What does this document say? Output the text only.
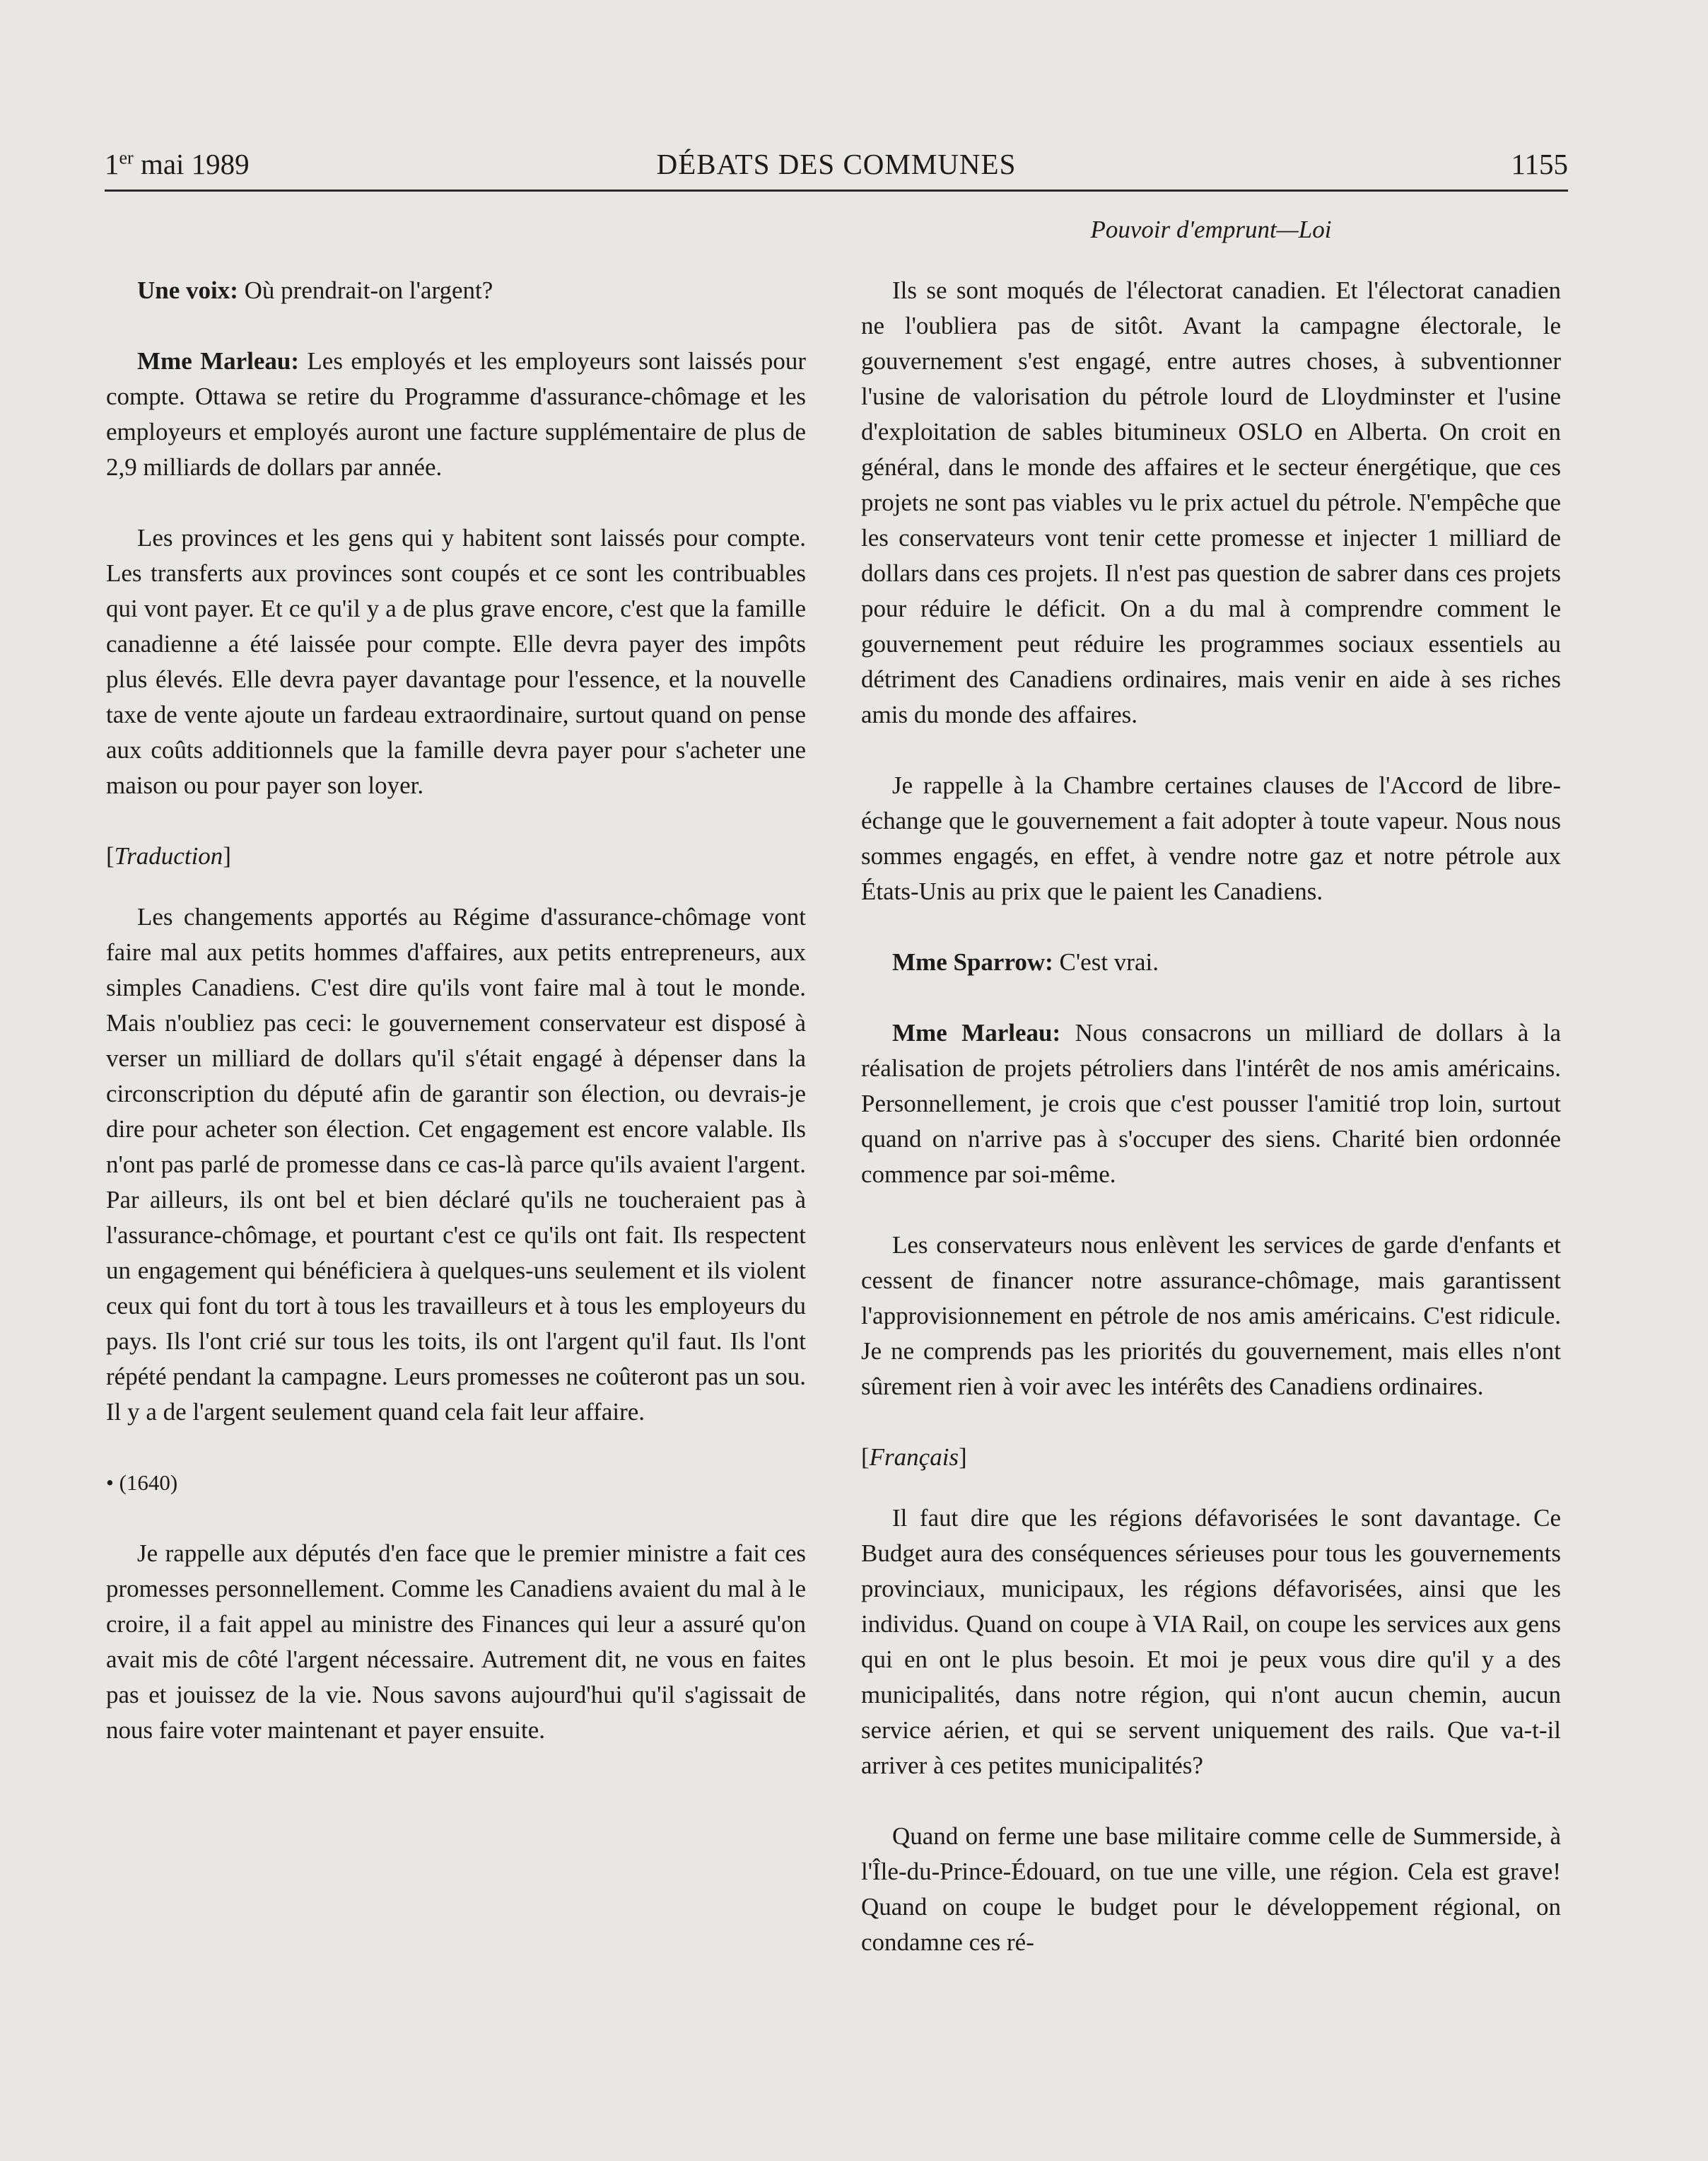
1er mai 1989	DÉBATS DES COMMUNES	1155

Une voix: Où prendrait-on l'argent?

Mme Marleau: Les employés et les employeurs sont laissés pour compte. Ottawa se retire du Programme d'assurance-chômage et les employeurs et employés auront une facture supplémentaire de plus de 2,9 milliards de dollars par année.

Les provinces et les gens qui y habitent sont laissés pour compte. Les transferts aux provinces sont coupés et ce sont les contribuables qui vont payer. Et ce qu'il y a de plus grave encore, c'est que la famille canadienne a été laissée pour compte. Elle devra payer des impôts plus élevés. Elle devra payer davantage pour l'essence, et la nouvelle taxe de vente ajoute un fardeau extraordinaire, surtout quand on pense aux coûts additionnels que la famille devra payer pour s'acheter une maison ou pour payer son loyer.

[Traduction]

Les changements apportés au Régime d'assurance-chômage vont faire mal aux petits hommes d'affaires, aux petits entrepreneurs, aux simples Canadiens. C'est dire qu'ils vont faire mal à tout le monde. Mais n'oubliez pas ceci: le gouvernement conservateur est disposé à verser un milliard de dollars qu'il s'était engagé à dépenser dans la circonscription du député afin de garantir son élection, ou devrais-je dire pour acheter son élection. Cet engagement est encore valable. Ils n'ont pas parlé de promesse dans ce cas-là parce qu'ils avaient l'argent. Par ailleurs, ils ont bel et bien déclaré qu'ils ne toucheraient pas à l'assurance-chômage, et pourtant c'est ce qu'ils ont fait. Ils respectent un engagement qui bénéficiera à quelques-uns seulement et ils violent ceux qui font du tort à tous les travailleurs et à tous les employeurs du pays. Ils l'ont crié sur tous les toits, ils ont l'argent qu'il faut. Ils l'ont répété pendant la campagne. Leurs promesses ne coûteront pas un sou. Il y a de l'argent seulement quand cela fait leur affaire.

• (1640)

Je rappelle aux députés d'en face que le premier ministre a fait ces promesses personnellement. Comme les Canadiens avaient du mal à le croire, il a fait appel au ministre des Finances qui leur a assuré qu'on avait mis de côté l'argent nécessaire. Autrement dit, ne vous en faites pas et jouissez de la vie. Nous savons aujourd'hui qu'il s'agissait de nous faire voter maintenant et payer ensuite.

Pouvoir d'emprunt—Loi

Ils se sont moqués de l'électorat canadien. Et l'électorat canadien ne l'oubliera pas de sitôt. Avant la campagne électorale, le gouvernement s'est engagé, entre autres choses, à subventionner l'usine de valorisation du pétrole lourd de Lloydminster et l'usine d'exploitation de sables bitumineux OSLO en Alberta. On croit en général, dans le monde des affaires et le secteur énergétique, que ces projets ne sont pas viables vu le prix actuel du pétrole. N'empêche que les conservateurs vont tenir cette promesse et injecter 1 milliard de dollars dans ces projets. Il n'est pas question de sabrer dans ces projets pour réduire le déficit. On a du mal à comprendre comment le gouvernement peut réduire les programmes sociaux essentiels au détriment des Canadiens ordinaires, mais venir en aide à ses riches amis du monde des affaires.

Je rappelle à la Chambre certaines clauses de l'Accord de libre-échange que le gouvernement a fait adopter à toute vapeur. Nous nous sommes engagés, en effet, à vendre notre gaz et notre pétrole aux États-Unis au prix que le paient les Canadiens.

Mme Sparrow: C'est vrai.

Mme Marleau: Nous consacrons un milliard de dollars à la réalisation de projets pétroliers dans l'intérêt de nos amis américains. Personnellement, je crois que c'est pousser l'amitié trop loin, surtout quand on n'arrive pas à s'occuper des siens. Charité bien ordonnée commence par soi-même.

Les conservateurs nous enlèvent les services de garde d'enfants et cessent de financer notre assurance-chômage, mais garantissent l'approvisionnement en pétrole de nos amis américains. C'est ridicule. Je ne comprends pas les priorités du gouvernement, mais elles n'ont sûrement rien à voir avec les intérêts des Canadiens ordinaires.

[Français]

Il faut dire que les régions défavorisées le sont davantage. Ce Budget aura des conséquences sérieuses pour tous les gouvernements provinciaux, municipaux, les régions défavorisées, ainsi que les individus. Quand on coupe à VIA Rail, on coupe les services aux gens qui en ont le plus besoin. Et moi je peux vous dire qu'il y a des municipalités, dans notre région, qui n'ont aucun chemin, aucun service aérien, et qui se servent uniquement des rails. Que va-t-il arriver à ces petites municipalités?

Quand on ferme une base militaire comme celle de Summerside, à l'Île-du-Prince-Édouard, on tue une ville, une région. Cela est grave! Quand on coupe le budget pour le développement régional, on condamne ces ré-
